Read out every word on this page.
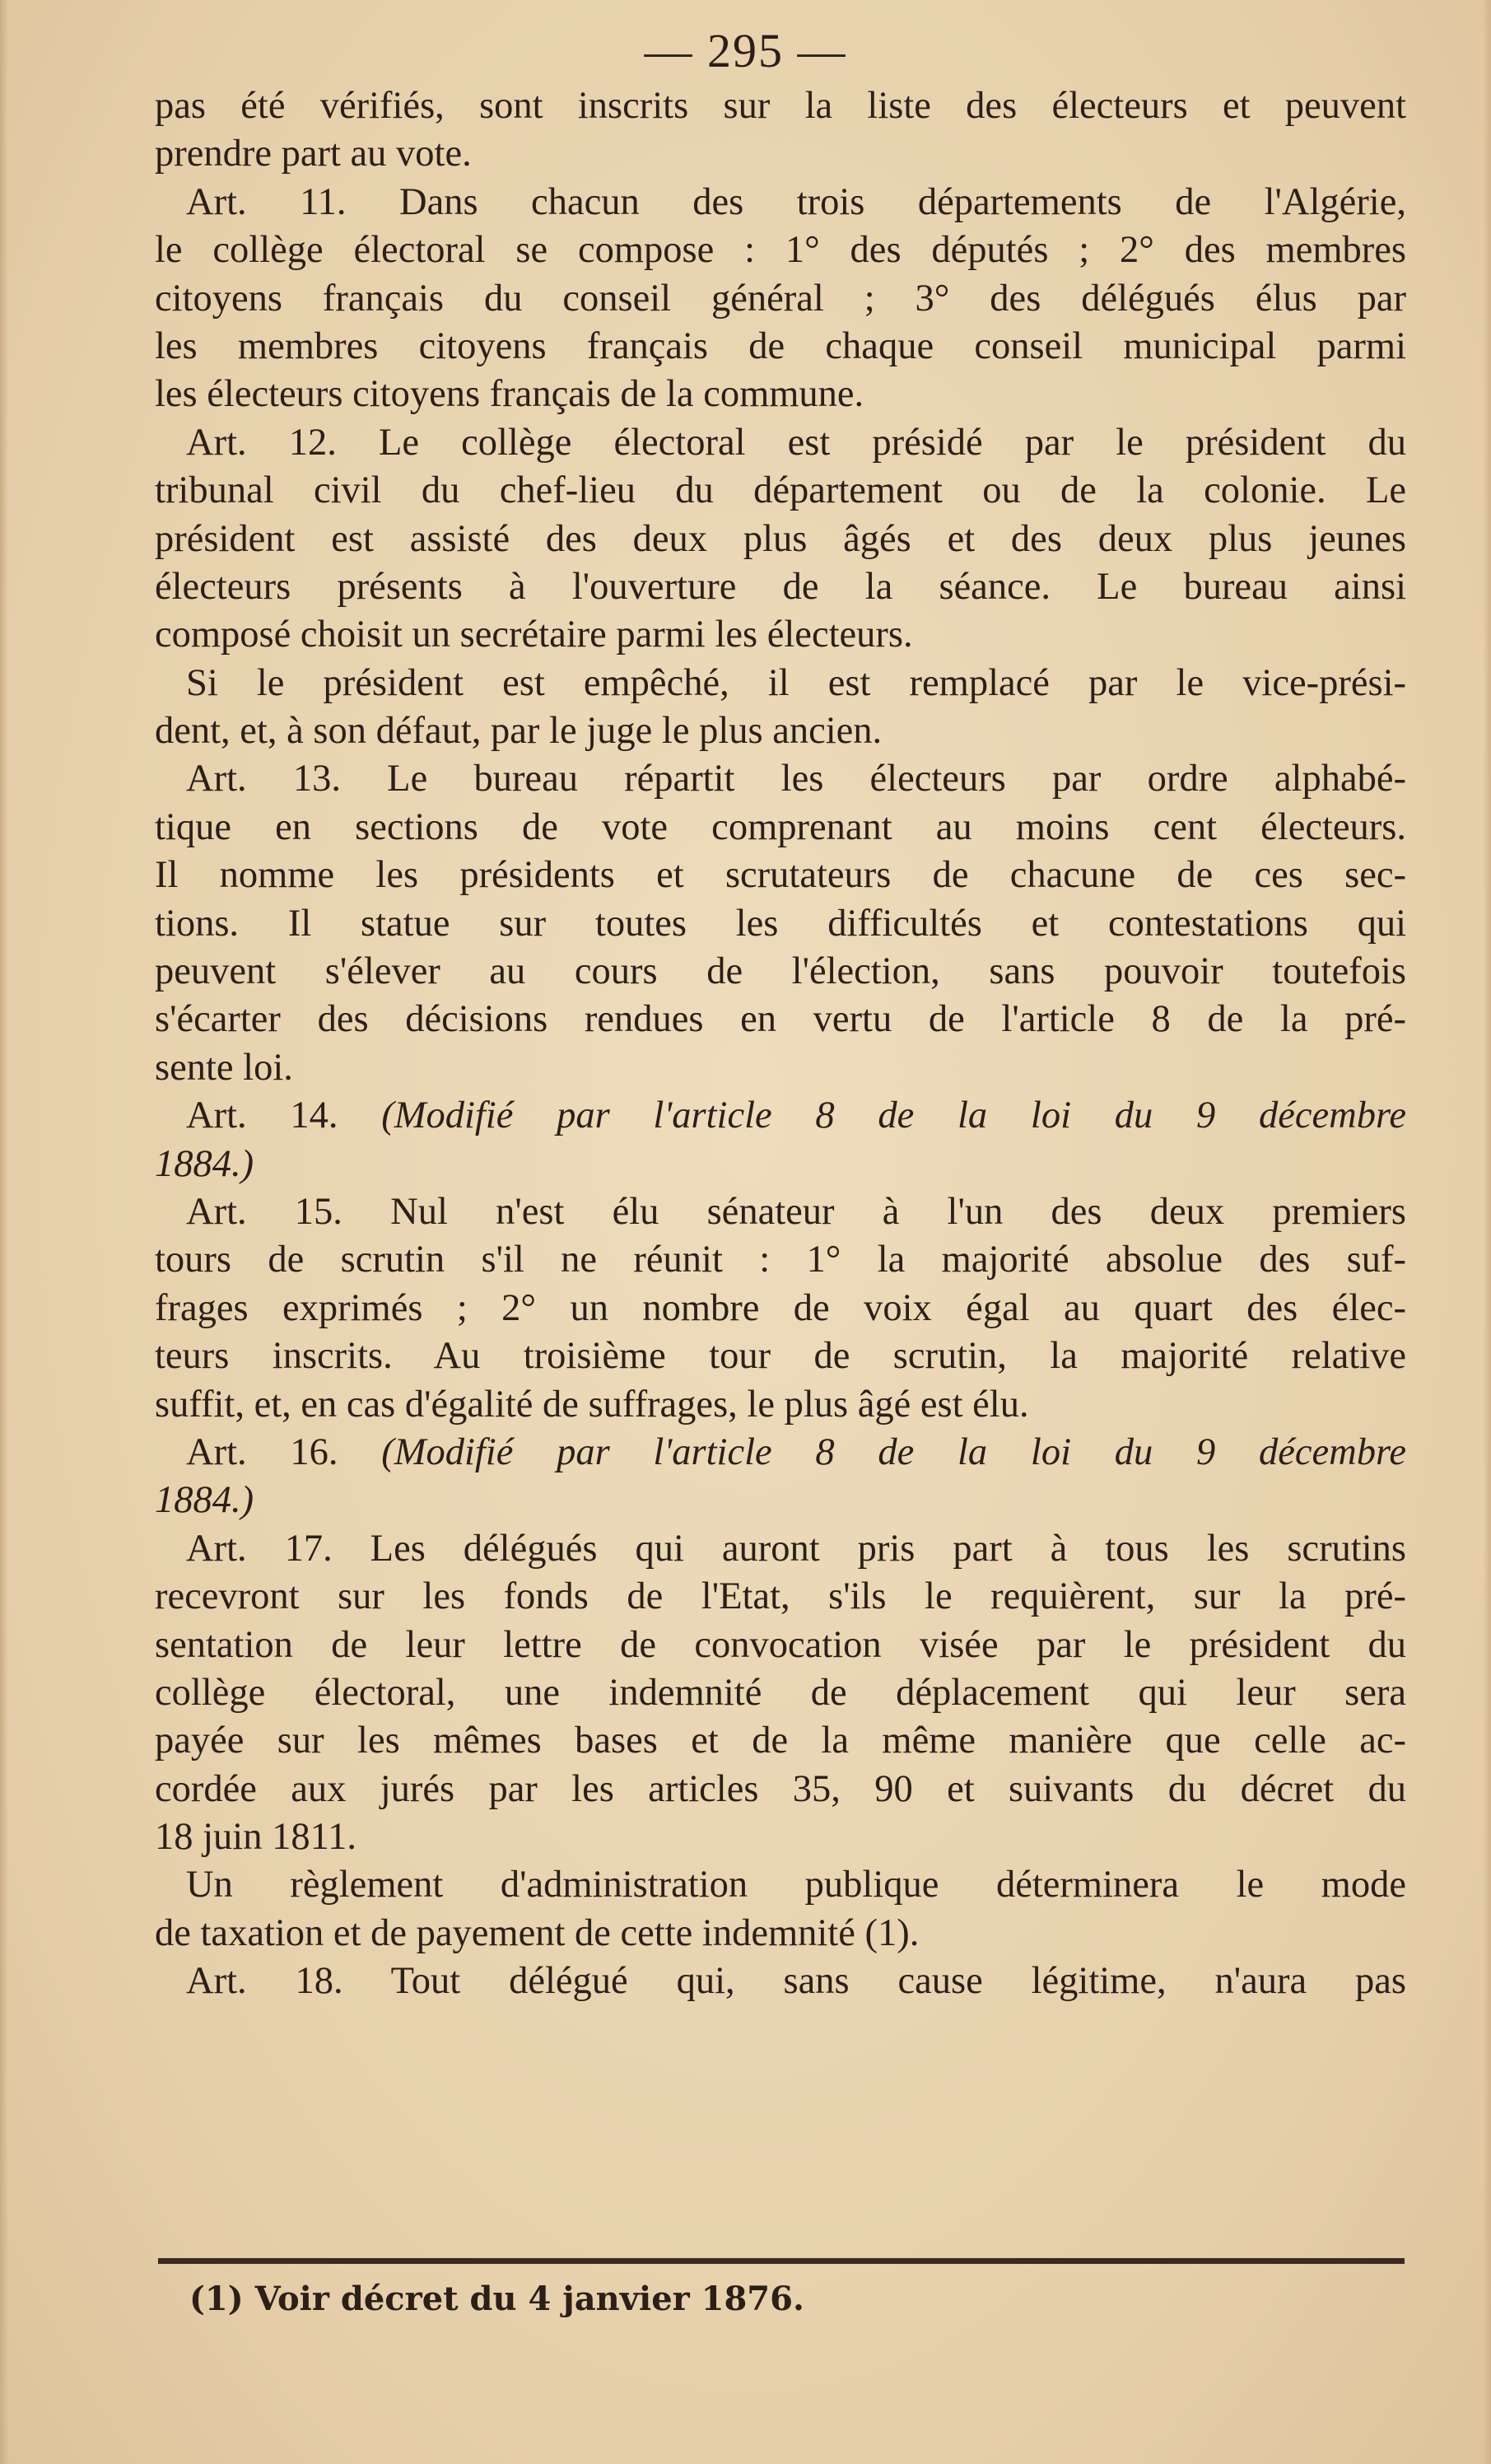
— 295 —
pas été vérifiés, sont inscrits sur la liste des électeurs et peuvent
prendre part au vote.
Art. 11. Dans chacun des trois départements de l'Algérie,
le collège électoral se compose : 1° des députés ; 2° des membres
citoyens français du conseil général ; 3° des délégués élus par
les membres citoyens français de chaque conseil municipal parmi
les électeurs citoyens français de la commune.
Art. 12. Le collège électoral est présidé par le président du
tribunal civil du chef-lieu du département ou de la colonie. Le
président est assisté des deux plus âgés et des deux plus jeunes
électeurs présents à l'ouverture de la séance. Le bureau ainsi
composé choisit un secrétaire parmi les électeurs.
Si le président est empêché, il est remplacé par le vice-prési-
dent, et, à son défaut, par le juge le plus ancien.
Art. 13. Le bureau répartit les électeurs par ordre alphabé-
tique en sections de vote comprenant au moins cent électeurs.
Il nomme les présidents et scrutateurs de chacune de ces sec-
tions. Il statue sur toutes les difficultés et contestations qui
peuvent s'élever au cours de l'élection, sans pouvoir toutefois
s'écarter des décisions rendues en vertu de l'article 8 de la pré-
sente loi.
Art. 14. (Modifié par l'article 8 de la loi du 9 décembre
1884.)
Art. 15. Nul n'est élu sénateur à l'un des deux premiers
tours de scrutin s'il ne réunit : 1° la majorité absolue des suf-
frages exprimés ; 2° un nombre de voix égal au quart des élec-
teurs inscrits. Au troisième tour de scrutin, la majorité relative
suffit, et, en cas d'égalité de suffrages, le plus âgé est élu.
Art. 16. (Modifié par l'article 8 de la loi du 9 décembre
1884.)
Art. 17. Les délégués qui auront pris part à tous les scrutins
recevront sur les fonds de l'Etat, s'ils le requièrent, sur la pré-
sentation de leur lettre de convocation visée par le président du
collège électoral, une indemnité de déplacement qui leur sera
payée sur les mêmes bases et de la même manière que celle ac-
cordée aux jurés par les articles 35, 90 et suivants du décret du
18 juin 1811.
Un règlement d'administration publique déterminera le mode
de taxation et de payement de cette indemnité (1).
Art. 18. Tout délégué qui, sans cause légitime, n'aura pas
(1) Voir décret du 4 janvier 1876.
